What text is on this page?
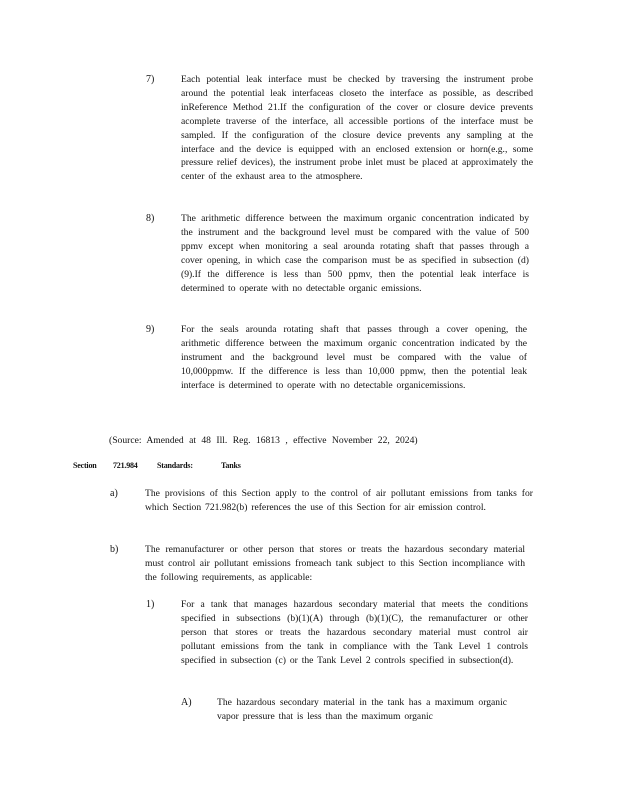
7)	Each potential leak interface must be checked by traversing the instrument probe around the potential leak interfaceas closeto the interface as possible, as described inReference Method 21.If the configuration of the cover or closure device prevents acomplete traverse of the interface, all accessible portions of the interface must be sampled. If the configuration of the closure device prevents any sampling at the interface and the device is equipped with an enclosed extension or horn(e.g., some pressure relief devices), the instrument probe inlet must be placed at approximately the center of the exhaust area to the atmosphere.
8)	The arithmetic difference between the maximum organic concentration indicated by the instrument and the background level must be compared with the value of 500 ppmv except when monitoring a seal arounda rotating shaft that passes through a cover opening, in which case the comparison must be as specified in subsection (d)(9).If the difference is less than 500 ppmv, then the potential leak interface is determined to operate with no detectable organic emissions.
9)	For the seals arounda rotating shaft that passes through a cover opening, the arithmetic difference between the maximum organic concentration indicated by the instrument and the background level must be compared with the value of 10,000ppmw. If the difference is less than 10,000 ppmw, then the potential leak interface is determined to operate with no detectable organicemissions.
(Source: Amended at 48 Ill. Reg. 16813 , effective November 22, 2024)
Section 721.984 Standards:	Tanks
a)	The provisions of this Section apply to the control of air pollutant emissions from tanks for which Section 721.982(b) references the use of this Section for air emission control.
b)	The remanufacturer or other person that stores or treats the hazardous secondary material must control air pollutant emissions fromeach tank subject to this Section incompliance with the following requirements, as applicable:
1)	For a tank that manages hazardous secondary material that meets the conditions specified in subsections (b)(1)(A) through (b)(1)(C), the remanufacturer or other person that stores or treats the hazardous secondary material must control air pollutant emissions from the tank in compliance with the Tank Level 1 controls specified in subsection (c) or the Tank Level 2 controls specified in subsection(d).
A)	The hazardous secondary material in the tank has a maximum organic vapor pressure that is less than the maximum organic
